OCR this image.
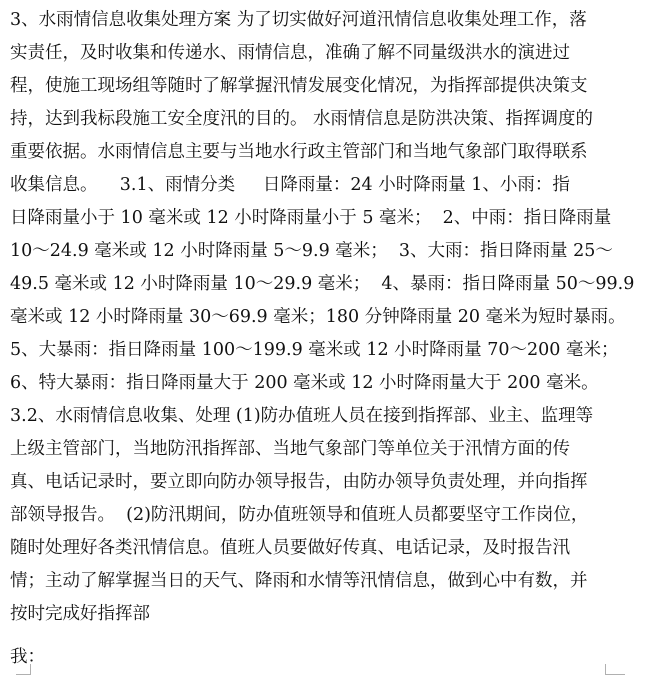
3、水雨情信息收集处理方案 为了切实做好河道汛情信息收集处理工作，落
实责任，及时收集和传递水、雨情信息，准确了解不同量级洪水的演进过
程，使施工现场组等随时了解掌握汛情发展变化情况，为指挥部提供决策支
持，达到我标段施工安全度汛的目的。 水雨情信息是防洪决策、指挥调度的
重要依据。水雨情信息主要与当地水行政主管部门和当地气象部门取得联系
收集信息。    3.1、雨情分类     日降雨量：24 小时降雨量 1、小雨：指
日降雨量小于 10 毫米或 12 小时降雨量小于 5 毫米；  2、中雨：指日降雨量
10～24.9 毫米或 12 小时降雨量 5～9.9 毫米；  3、大雨：指日降雨量 25～
49.5 毫米或 12 小时降雨量 10～29.9 毫米；  4、暴雨：指日降雨量 50～99.9
毫米或 12 小时降雨量 30～69.9 毫米；180 分钟降雨量 20 毫米为短时暴雨。
5、大暴雨：指日降雨量 100～199.9 毫米或 12 小时降雨量 70～200 毫米；
6、特大暴雨：指日降雨量大于 200 毫米或 12 小时降雨量大于 200 毫米。
3.2、水雨情信息收集、处理 (1)防办值班人员在接到指挥部、业主、监理等
上级主管部门，当地防汛指挥部、当地气象部门等单位关于汛情方面的传
真、电话记录时，要立即向防办领导报告，由防办领导负责处理，并向指挥
部领导报告。  (2)防汛期间，防办值班领导和值班人员都要坚守工作岗位，
随时处理好各类汛情信息。值班人员要做好传真、电话记录，及时报告汛
情；主动了解掌握当日的天气、降雨和水情等汛情信息，做到心中有数，并
按时完成好指挥部
我：
